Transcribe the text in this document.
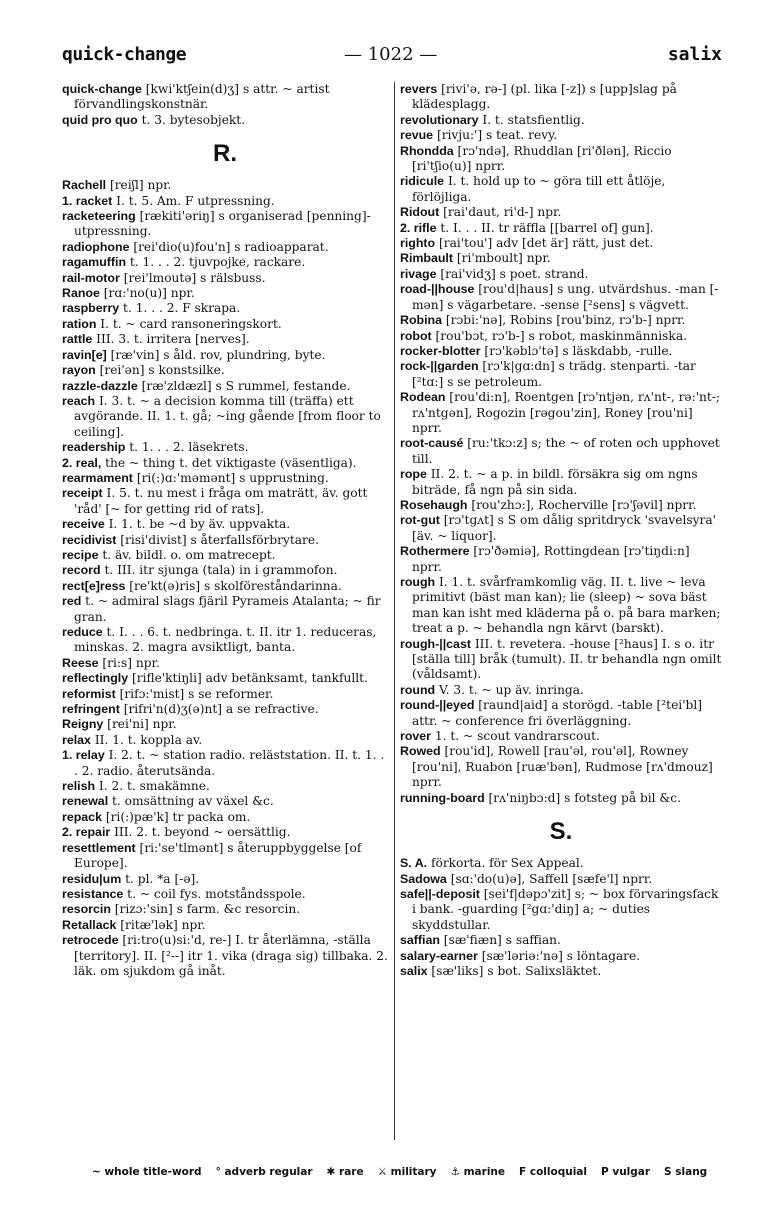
quick-change	— 1022 —	salix

quick-change [kwi'ktʃein(d)ʒ] s attr. ~ artist förvandlingskonstnär.

quid pro quo t. 3. bytesobjekt.

R.

Rachell [reiʃl] npr.

1. racket I. t. 5. Am. F utpressning.

racketeering [rækiti'əriŋ] s organiserad [penning]-utpressning.

radiophone [rei'dio(u)fou'n] s radioapparat.

ragamuffin t. 1. . . 2. tjuvpojke, rackare.

rail-motor [rei'lmoutə] s rälsbuss.

Ranoe [rɑ:'no(u)] npr.

raspberry t. 1. . . 2. F skrapa.

ration I. t. ~ card ransoneringskort.

rattle III. 3. t. irritera [nerves].

ravin[e] [ræ'vin] s åld. rov, plundring, byte.

rayon [rei'ən] s konstsilke.

razzle-dazzle [ræ'zldæzl] s S rummel, festande.

reach I. 3. t. ~ a decision komma till (träffa) ett avgörande. II. 1. t. gå; ~ing gående [from floor to ceiling].

readership t. 1. . . 2. läsekrets.

2. real, the ~ thing t. det viktigaste (väsentliga).

rearmament [ri(:)ɑ:'məmənt] s upprustning.

receipt I. 5. t. nu mest i fråga om maträtt, äv. gott 'råd' [~ for getting rid of rats].

receive I. 1. t. be ~d by äv. uppvakta.

recidivist [risi'divist] s återfallsförbrytare.

recipe t. äv. bildl. o. om matrecept.

record t. III. itr sjunga (tala) in i grammofon.

rect[e]ress [re'kt(ə)ris] s skolföreståndarinna.

red t. ~ admiral slags fjäril Pyrameis Atalanta; ~ fir gran.

reduce t. I. . . 6. t. nedbringa. t. II. itr 1. reduceras, minskas. 2. magra avsiktligt, banta.

Reese [ri:s] npr.

reflectingly [rifle'ktiŋli] adv betänksamt, tankfullt.

reformist [rifɔ:'mist] s se reformer.

refringent [rifri'n(d)ʒ(ə)nt] a se refractive.

Reigny [rei'ni] npr.

relax II. 1. t. koppla av.

1. relay I. 2. t. ~ station radio. reläststation. II. t. 1. . . 2. radio. återutsända.

relish I. 2. t. smakämne.

renewal t. omsättning av växel &c.

repack [ri(:)pæ'k] tr packa om.

2. repair III. 2. t. beyond ~ oersättlig.

resettlement [ri:'se'tlmənt] s återuppbyggelse [of Europe].

residu|um t. pl. *a [-ə].

resistance t. ~ coil fys. motståndsspole.

resorcin [rizɔ:'sin] s farm. &c resorcin.

Retallack [ritæ'lək] npr.

retrocede [ri:tro(u)si:'d, re-] I. tr återlämna, -ställa [territory]. II. [²--] itr 1. vika (draga sig) tillbaka. 2. läk. om sjukdom gå inåt.

revers [rivi'ə, rə-] (pl. lika [-z]) s [upp]slag på klädesplagg.

revolutionary I. t. statsfientlig.

revue [rivju:'] s teat. revy.

Rhondda [rɔ'ndə], Rhuddlan [ri'ðlən], Riccio [ri'tʃio(u)] nprr.

ridicule I. t. hold up to ~ göra till ett åtlöje, förlöjliga.

Ridout [rai'daut, ri'd-] npr.

2. rifle t. I. . . II. tr räffla [[barrel of] gun].

righto [rai'tou'] adv [det är] rätt, just det.

Rimbault [ri'mboult] npr.

rivage [rai'vidʒ] s poet. strand.

road-||house [rou'd|haus] s ung. utvärdshus. -man [-mən] s vägarbetare. -sense [²sens] s vägvett.

Robina [rɔbi:'nə], Robins [rou'binz, rɔ'b-] nprr.

robot [rou'bɔt, rɔ'b-] s robot, maskinmänniska.

rocker-blotter [rɔ'kəblɔ'tə] s läskdabb, -rulle.

rock-||garden [rɔ'k|gɑ:dn] s trädg. stenparti. -tar [²tɑ:] s se petroleum.

Rodean [rou'di:n], Roentgen [rɔ'ntjən, rʌ'nt-, rə:'nt-; rʌ'ntgən], Rogozin [rəgou'zin], Roney [rou'ni] nprr.

root-causé [ru:'tkɔ:z] s; the ~ of roten och upphovet till.

rope II. 2. t. ~ a p. in bildl. försäkra sig om ngns biträde, få ngn på sin sida.

Rosehaugh [rou'zhɔ:], Rocherville [rɔ'ʃəvil] nprr.

rot-gut [rɔ'tgʌt] s S om dålig spritdryck 'svavelsyra' [äv. ~ liquor].

Rothermere [rɔ'ðəmiə], Rottingdean [rɔ'tiŋdi:n] nprr.

rough I. 1. t. svårframkomlig väg. II. t. live ~ leva primitivt (bäst man kan); lie (sleep) ~ sova bäst man kan isht med kläderna på o. på bara marken; treat a p. ~ behandla ngn kärvt (barskt).

rough-||cast III. t. revetera. -house [²haus] I. s o. itr [ställa till] bråk (tumult). II. tr behandla ngn omilt (våldsamt).

round V. 3. t. ~ up äv. inringa.

round-||eyed [raund|aid] a storögd. -table [²tei'bl] attr. ~ conference fri överläggning.

rover 1. t. ~ scout vandrarscout.

Rowed [rou'id], Rowell [rau'əl, rou'əl], Rowney [rou'ni], Ruabon [ruæ'bən], Rudmose [rʌ'dmouz] nprr.

running-board [rʌ'niŋbɔ:d] s fotsteg på bil &c.

S.

S. A. förkorta. för Sex Appeal.

Sadowa [sɑ:'do(u)ə], Saffell [sæfe'l] nprr.

safe||-deposit [sei'f|dəpɔ'zit] s; ~ box förvaringsfack i bank. -guarding [²gɑ:'diŋ] a; ~ duties skyddstullar.

saffian [sæ'fiæn] s saffian.

salary-earner [sæ'ləriə:'nə] s löntagare.

salix [sæ'liks] s bot. Salixsläktet.

~ whole title-word ° adverb regular ✱ rare ⚔ military ⚓ marine F colloquial P vulgar S slang
